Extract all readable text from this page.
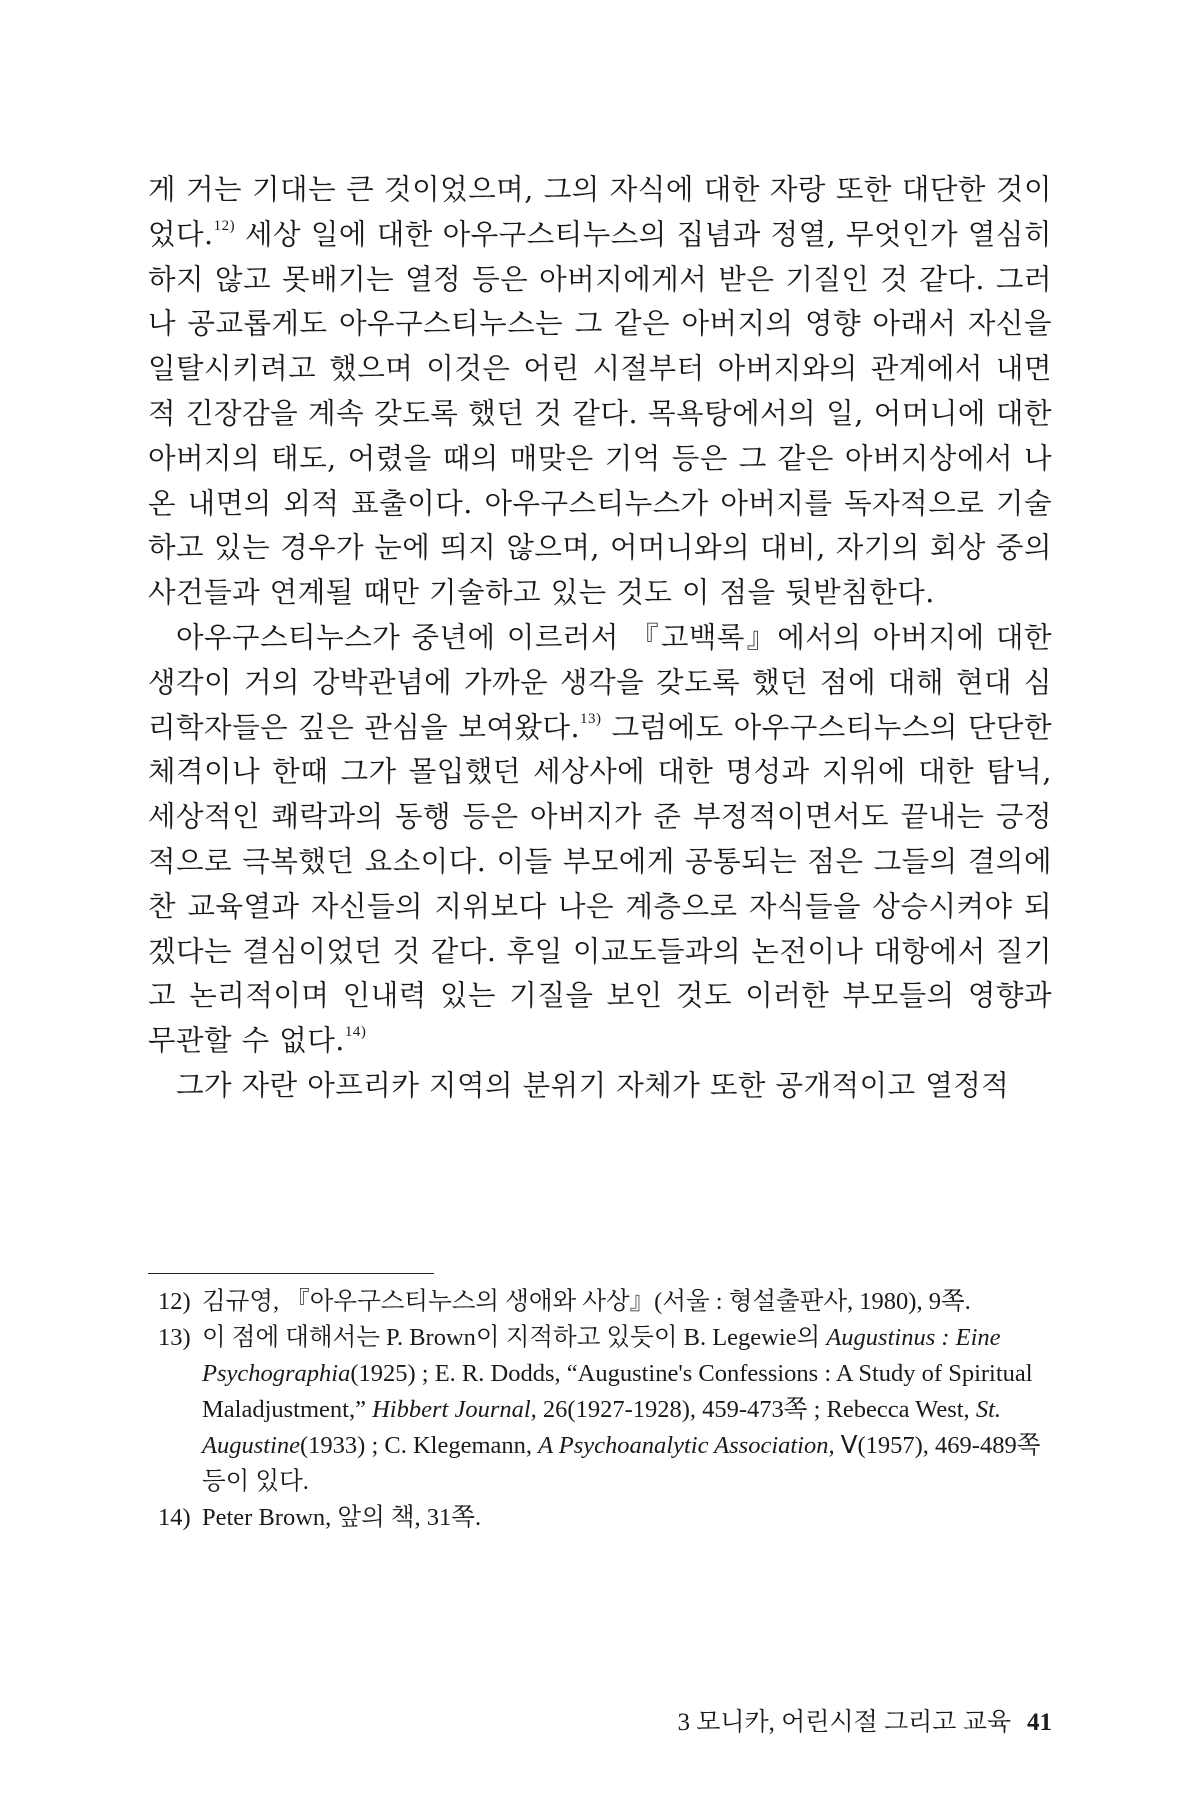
게 거는 기대는 큰 것이었으며, 그의 자식에 대한 자랑 또한 대단한 것이었다.$^{12)}$ 세상 일에 대한 아우구스티누스의 집념과 정열, 무엇인가 열심히 하지 않고 못배기는 열정 등은 아버지에게서 받은 기질인 것 같다. 그러나 공교롭게도 아우구스티누스는 그 같은 아버지의 영향 아래서 자신을 일탈시키려고 했으며 이것은 어린 시절부터 아버지와의 관계에서 내면적 긴장감을 계속 갖도록 했던 것 같다. 목욕탕에서의 일, 어머니에 대한 아버지의 태도, 어렸을 때의 매맞은 기억 등은 그 같은 아버지상에서 나온 내면의 외적 표출이다. 아우구스티누스가 아버지를 독자적으로 기술하고 있는 경우가 눈에 띄지 않으며, 어머니와의 대비, 자기의 회상 중의 사건들과 연계될 때만 기술하고 있는 것도 이 점을 뒷받침한다.

아우구스티누스가 중년에 이르러서 『고백록』에서의 아버지에 대한 생각이 거의 강박관념에 가까운 생각을 갖도록 했던 점에 대해 현대 심리학자들은 깊은 관심을 보여왔다.$^{13)}$ 그럼에도 아우구스티누스의 단단한 체격이나 한때 그가 몰입했던 세상사에 대한 명성과 지위에 대한 탐닉, 세상적인 쾌락과의 동행 등은 아버지가 준 부정적이면서도 끝내는 긍정적으로 극복했던 요소이다. 이들 부모에게 공통되는 점은 그들의 결의에 찬 교육열과 자신들의 지위보다 나은 계층으로 자식들을 상승시켜야 되겠다는 결심이었던 것 같다. 후일 이교도들과의 논전이나 대항에서 질기고 논리적이며 인내력 있는 기질을 보인 것도 이러한 부모들의 영향과 무관할 수 없다.$^{14)}$

그가 자란 아프리카 지역의 분위기 자체가 또한 공개적이고 열정적

12) 김규영, 『아우구스티누스의 생애와 사상』(서울 : 형설출판사, 1980), 9쪽.
13) 이 점에 대해서는 P. Brown이 지적하고 있듯이 B. Legewie의 Augustinus : Eine Psychographia(1925) ; E. R. Dodds, “Augustine's Confessions : A Study of Spiritual Maladjustment,” Hibbert Journal, 26(1927-1928), 459-473쪽 ; Rebecca West, St. Augustine(1933) ; C. Klegemann, A Psychoanalytic Association, Ⅴ(1957), 469-489쪽 등이 있다.
14) Peter Brown, 앞의 책, 31쪽.
3 모니카, 어린시절 그리고 교육 41
